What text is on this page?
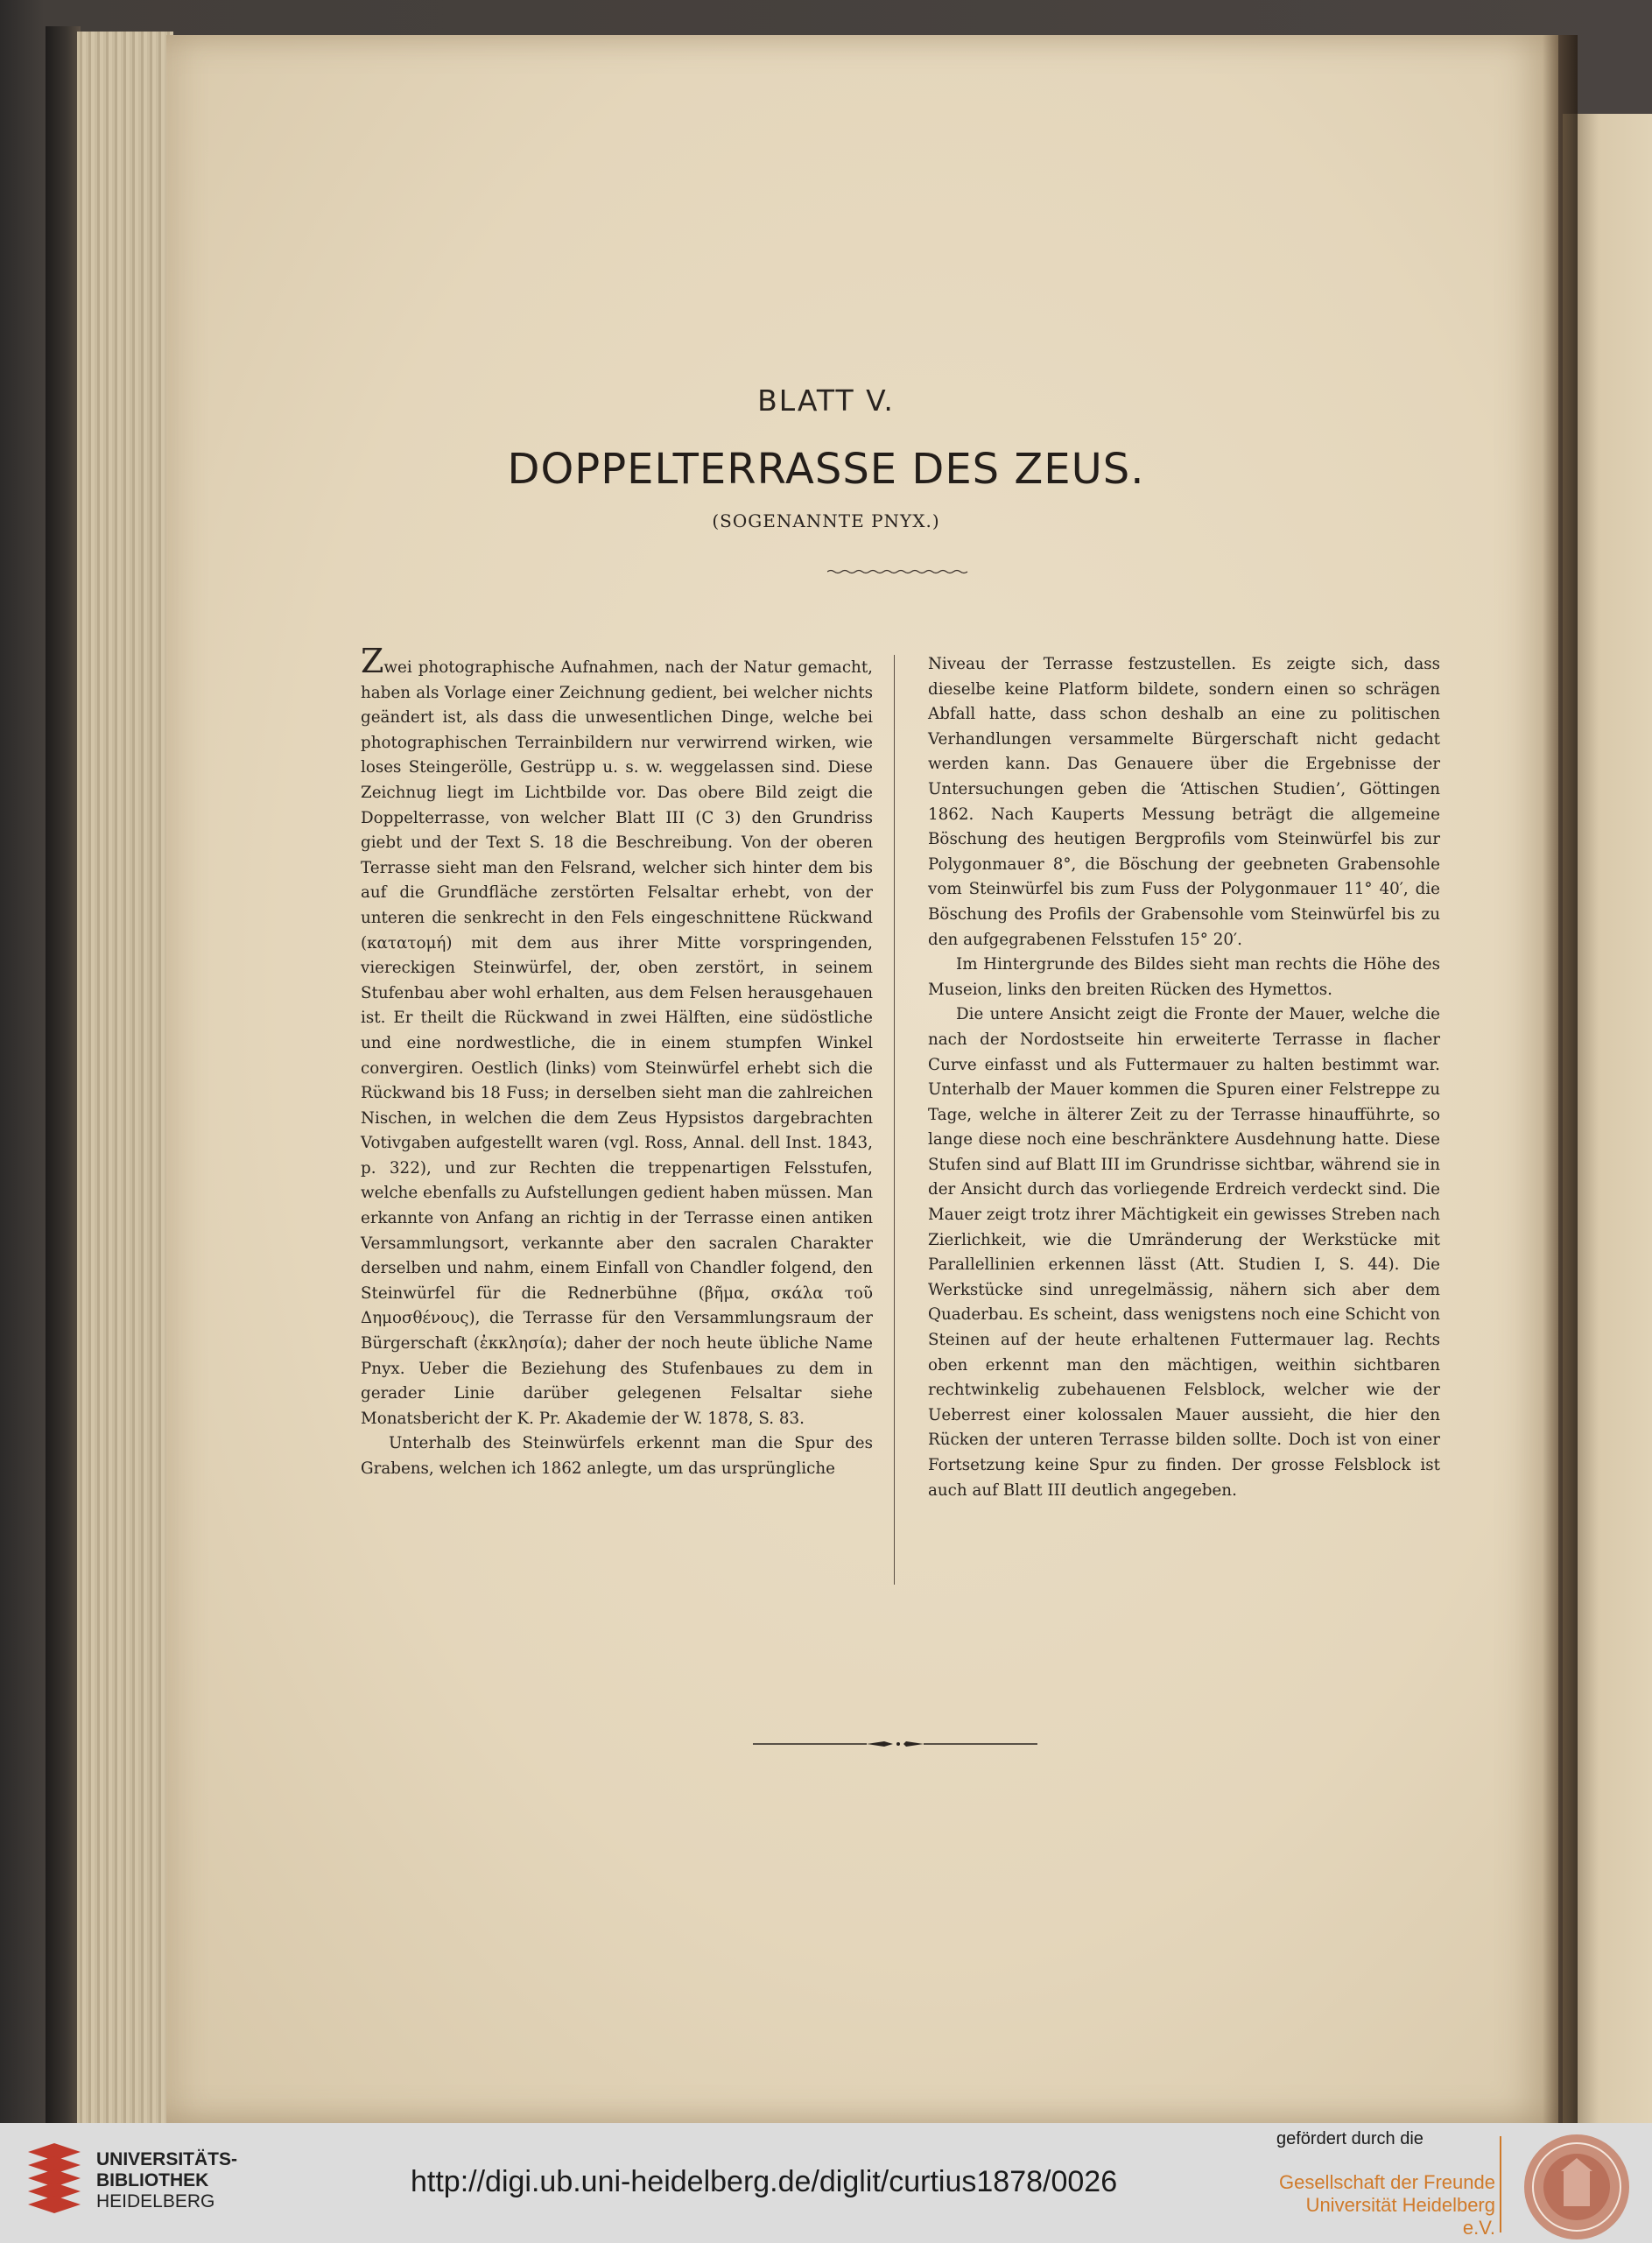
BLATT V.
DOPPELTERRASSE DES ZEUS.
(SOGENANNTE PNYX.)

Zwei photographische Aufnahmen, nach der Natur gemacht, haben als Vorlage einer Zeichnung gedient, bei welcher nichts geändert ist, als dass die unwesentlichen Dinge, welche bei photographischen Terrainbildern nur verwirrend wirken, wie loses Steingerölle, Gestrüpp u. s. w. weggelassen sind. Diese Zeichnug liegt im Lichtbilde vor. Das obere Bild zeigt die Doppelterrasse, von welcher Blatt III (C 3) den Grundriss giebt und der Text S. 18 die Beschreibung. Von der oberen Terrasse sieht man den Felsrand, welcher sich hinter dem bis auf die Grundfläche zerstörten Felsaltar erhebt, von der unteren die senkrecht in den Fels eingeschnittene Rückwand (κατατομή) mit dem aus ihrer Mitte vorspringenden, viereckigen Steinwürfel, der, oben zerstört, in seinem Stufenbau aber wohl erhalten, aus dem Felsen herausgehauen ist. Er theilt die Rückwand in zwei Hälften, eine südöstliche und eine nordwestliche, die in einem stumpfen Winkel convergiren. Oestlich (links) vom Steinwürfel erhebt sich die Rückwand bis 18 Fuss; in derselben sieht man die zahlreichen Nischen, in welchen die dem Zeus Hypsistos dargebrachten Votivgaben aufgestellt waren (vgl. Ross, Annal. dell Inst. 1843, p. 322), und zur Rechten die treppenartigen Felsstufen, welche ebenfalls zu Aufstellungen gedient haben müssen. Man erkannte von Anfang an richtig in der Terrasse einen antiken Versammlungsort, verkannte aber den sacralen Charakter derselben und nahm, einem Einfall von Chandler folgend, den Steinwürfel für die Rednerbühne (βῆμα, σκάλα τοῦ Δημοσθένους), die Terrasse für den Versammlungsraum der Bürgerschaft (ἐκκλησία); daher der noch heute übliche Name Pnyx. Ueber die Beziehung des Stufenbaues zu dem in gerader Linie darüber gelegenen Felsaltar siehe Monatsbericht der K. Pr. Akademie der W. 1878, S. 83.

Unterhalb des Steinwürfels erkennt man die Spur des Grabens, welchen ich 1862 anlegte, um das ursprüngliche

Niveau der Terrasse festzustellen. Es zeigte sich, dass dieselbe keine Platform bildete, sondern einen so schrägen Abfall hatte, dass schon deshalb an eine zu politischen Verhandlungen versammelte Bürgerschaft nicht gedacht werden kann. Das Genauere über die Ergebnisse der Untersuchungen geben die ‘Attischen Studien’, Göttingen 1862. Nach Kauperts Messung beträgt die allgemeine Böschung des heutigen Bergprofils vom Steinwürfel bis zur Polygonmauer 8°, die Böschung der geebneten Grabensohle vom Steinwürfel bis zum Fuss der Polygonmauer 11° 40′, die Böschung des Profils der Grabensohle vom Steinwürfel bis zu den aufgegrabenen Felsstufen 15° 20′.

Im Hintergrunde des Bildes sieht man rechts die Höhe des Museion, links den breiten Rücken des Hymettos.

Die untere Ansicht zeigt die Fronte der Mauer, welche die nach der Nordostseite hin erweiterte Terrasse in flacher Curve einfasst und als Futtermauer zu halten bestimmt war. Unterhalb der Mauer kommen die Spuren einer Felstreppe zu Tage, welche in älterer Zeit zu der Terrasse hinaufführte, so lange diese noch eine beschränktere Ausdehnung hatte. Diese Stufen sind auf Blatt III im Grundrisse sichtbar, während sie in der Ansicht durch das vorliegende Erdreich verdeckt sind. Die Mauer zeigt trotz ihrer Mächtigkeit ein gewisses Streben nach Zierlichkeit, wie die Umränderung der Werkstücke mit Parallellinien erkennen lässt (Att. Studien I, S. 44). Die Werkstücke sind unregelmässig, nähern sich aber dem Quaderbau. Es scheint, dass wenigstens noch eine Schicht von Steinen auf der heute erhaltenen Futtermauer lag. Rechts oben erkennt man den mächtigen, weithin sichtbaren rechtwinkelig zubehauenen Felsblock, welcher wie der Ueberrest einer kolossalen Mauer aussieht, die hier den Rücken der unteren Terrasse bilden sollte. Doch ist von einer Fortsetzung keine Spur zu finden. Der grosse Felsblock ist auch auf Blatt III deutlich angegeben.

UNIVERSITÄTS-
BIBLIOTHEK
HEIDELBERG
http://digi.ub.uni-heidelberg.de/diglit/curtius1878/0026
gefördert durch die
Gesellschaft der Freunde
Universität Heidelberg e.V.
